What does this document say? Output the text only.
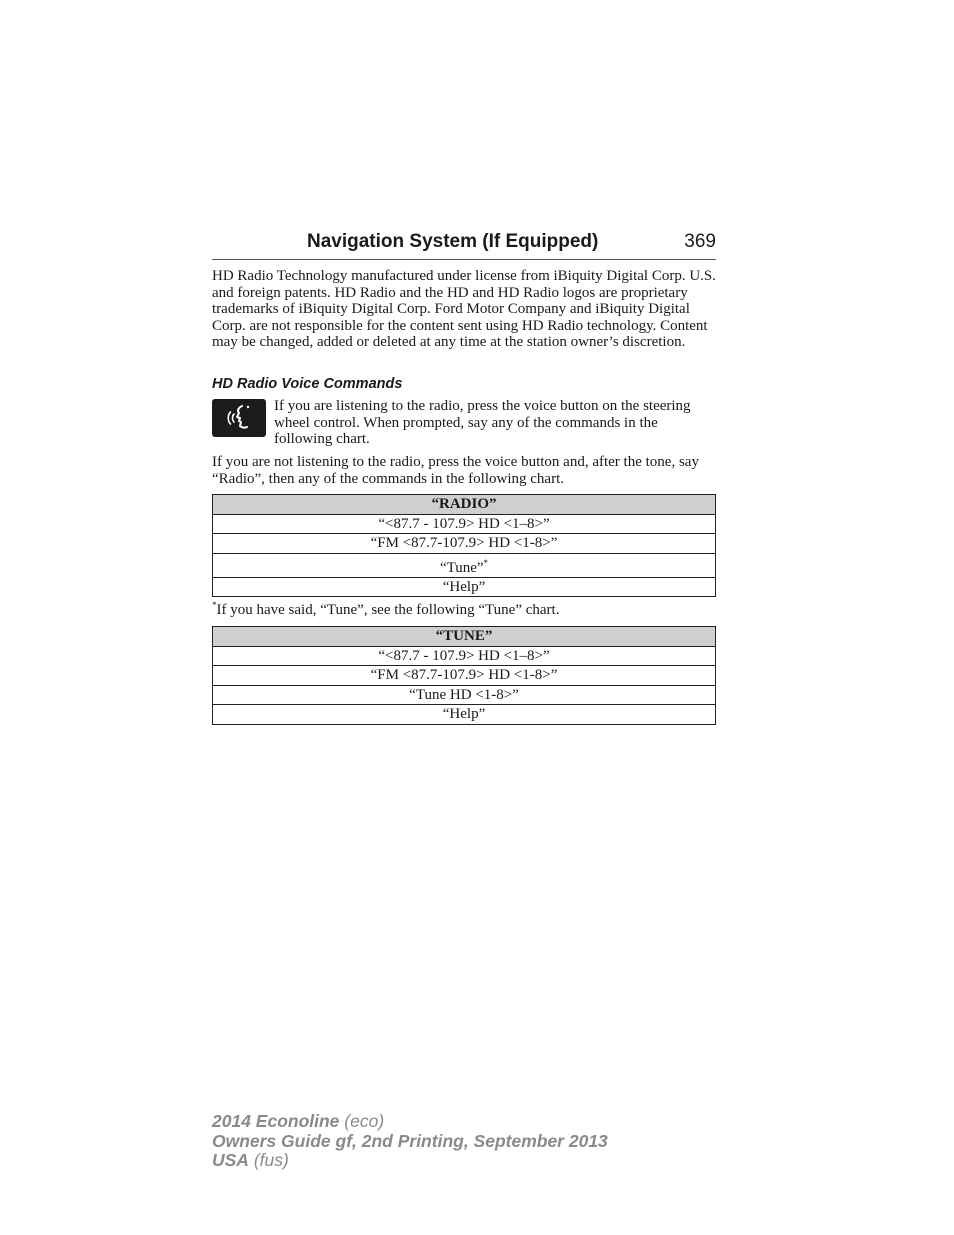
Navigation System (If Equipped)	369

HD Radio Technology manufactured under license from iBiquity Digital Corp. U.S. and foreign patents. HD Radio and the HD and HD Radio logos are proprietary trademarks of iBiquity Digital Corp. Ford Motor Company and iBiquity Digital Corp. are not responsible for the content sent using HD Radio technology. Content may be changed, added or deleted at any time at the station owner’s discretion.

HD Radio Voice Commands

If you are listening to the radio, press the voice button on the steering wheel control. When prompted, say any of the commands in the following chart.

If you are not listening to the radio, press the voice button and, after the tone, say “Radio”, then any of the commands in the following chart.

“RADIO”
“<87.7 - 107.9> HD <1–8>”
“FM <87.7-107.9> HD <1-8>”
“Tune”*
“Help”
*If you have said, “Tune”, see the following “Tune” chart.
“TUNE”
“<87.7 - 107.9> HD <1–8>”
“FM <87.7-107.9> HD <1-8>”
“Tune HD <1-8>”
“Help”
2014 Econoline (eco)
Owners Guide gf, 2nd Printing, September 2013
USA (fus)
